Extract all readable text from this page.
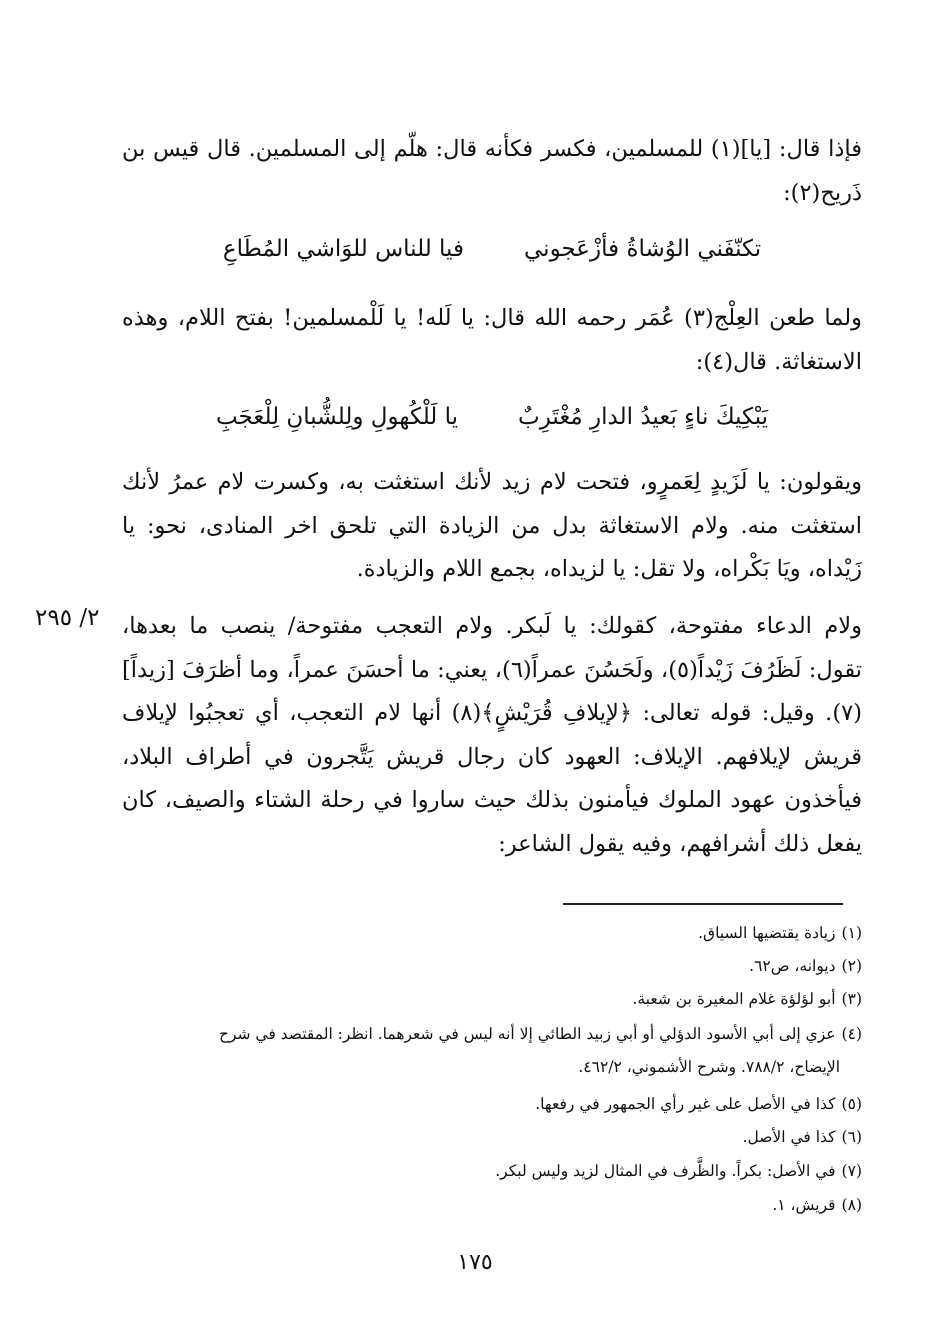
فإذا قال: [يا](١) للمسلمين، فكسر فكأنه قال: هلّم إلى المسلمين. قال قيس بن ذَريح(٢):

تكنّفَني الوُشاةُ فأزْعَجوني
فيا للناس للوَاشي المُطَاعِ

ولما طعن العِلْج(٣) عُمَر رحمه الله قال: يا لَله! يا لَلْمسلمين! بفتح اللام، وهذه الاستغاثة. قال(٤):

يَبْكِيكَ ناءٍ بَعيدُ الدارِ مُغْتَرِبٌ
يا لَلْكُهولِ ولِلشُّبانِ لِلْعَجَبِ

ويقولون: يا لَزَيدٍ لِعَمرٍو، فتحت لام زيد لأنك استغثت به، وكسرت لام عمرُ لأنك استغثت منه. ولام الاستغاثة بدل من الزيادة التي تلحق اخر المنادى، نحو: يا زَيْداه، ويَا بَكْراه، ولا تقل: يا لزيداه، بجمع اللام والزيادة.

ولام الدعاء مفتوحة، كقولك: يا لَبكر. ولام التعجب مفتوحة/ ينصب ما بعدها، تقول: لَظَرُفَ زَيْداً(٥)، ولَحَسُنَ عمراً(٦)، يعني: ما أحسَنَ عمراً، وما أظرَفَ [زيداً](٧). وقيل: قوله تعالى: ﴿لإيلافِ قُرَيْشٍ﴾(٨) أنها لام التعجب، أي تعجبُوا لإيلاف قريش لإيلافهم. الإيلاف: العهود كان رجال قريش يَتَّجرون في أطراف البلاد، فيأخذون عهود الملوك فيأمنون بذلك حيث ساروا في رحلة الشتاء والصيف، كان يفعل ذلك أشرافهم، وفيه يقول الشاعر:

٢/ ٢٩٥
(١)زيادة يقتضيها السياق.
(٢)ديوانه، ص٦٢.
(٣)أبو لؤلؤة غلام المغيرة بن شعبة.
(٤)عزي إلى أبي الأسود الدؤلي أو أبي زبيد الطائي إلا أنه ليس في شعرهما. انظر: المقتصد في شرح
الإيضاح، ٧٨٨/٢. وشرح الأشموني، ٤٦٢/٢.
(٥)كذا في الأصل على غير رأي الجمهور في رفعها.
(٦)كذا في الأصل.
(٧)في الأصل: بكراً. والظَّرف في المثال لزيد وليس لبكر.
(٨)قريش، ١.
١٧٥
